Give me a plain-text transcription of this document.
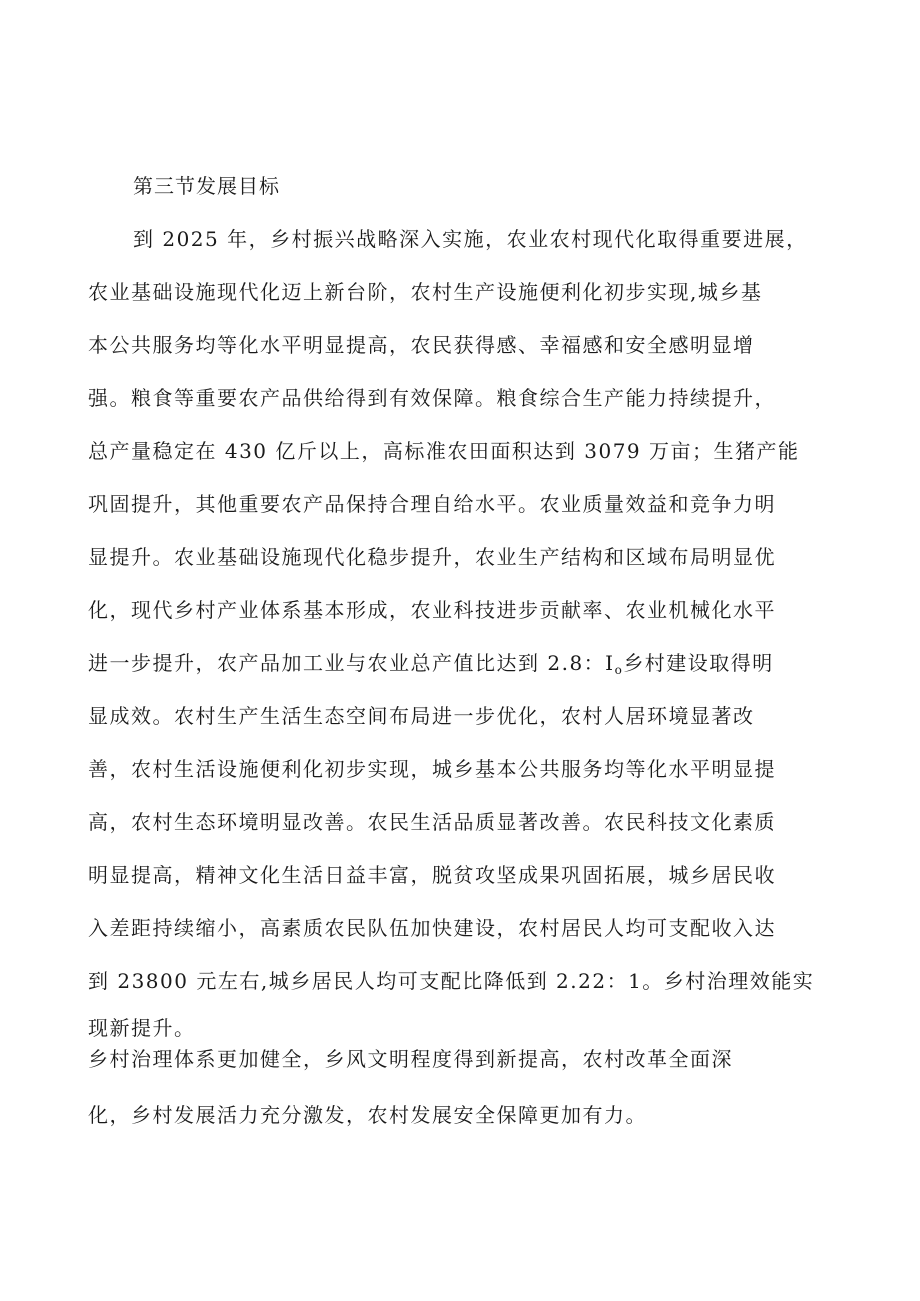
第三节发展目标
到 2025 年，乡村振兴战略深入实施，农业农村现代化取得重要进展，
农业基础设施现代化迈上新台阶，农村生产设施便利化初步实现,城乡基
本公共服务均等化水平明显提高，农民获得感、幸福感和安全感明显增
强。粮食等重要农产品供给得到有效保障。粮食综合生产能力持续提升，
总产量稳定在 430 亿斤以上，高标准农田面积达到 3079 万亩；生猪产能
巩固提升，其他重要农产品保持合理自给水平。农业质量效益和竞争力明
显提升。农业基础设施现代化稳步提升，农业生产结构和区域布局明显优
化，现代乡村产业体系基本形成，农业科技进步贡献率、农业机械化水平
进一步提升，农产品加工业与农业总产值比达到 2.8：$I_o$乡村建设取得明
显成效。农村生产生活生态空间布局进一步优化，农村人居环境显著改
善，农村生活设施便利化初步实现，城乡基本公共服务均等化水平明显提
高，农村生态环境明显改善。农民生活品质显著改善。农民科技文化素质
明显提高，精神文化生活日益丰富，脱贫攻坚成果巩固拓展，城乡居民收
入差距持续缩小，高素质农民队伍加快建设，农村居民人均可支配收入达
到 23800 元左右,城乡居民人均可支配比降低到 2.22：1。乡村治理效能实
现新提升。
乡村治理体系更加健全，乡风文明程度得到新提高，农村改革全面深
化，乡村发展活力充分激发，农村发展安全保障更加有力。
